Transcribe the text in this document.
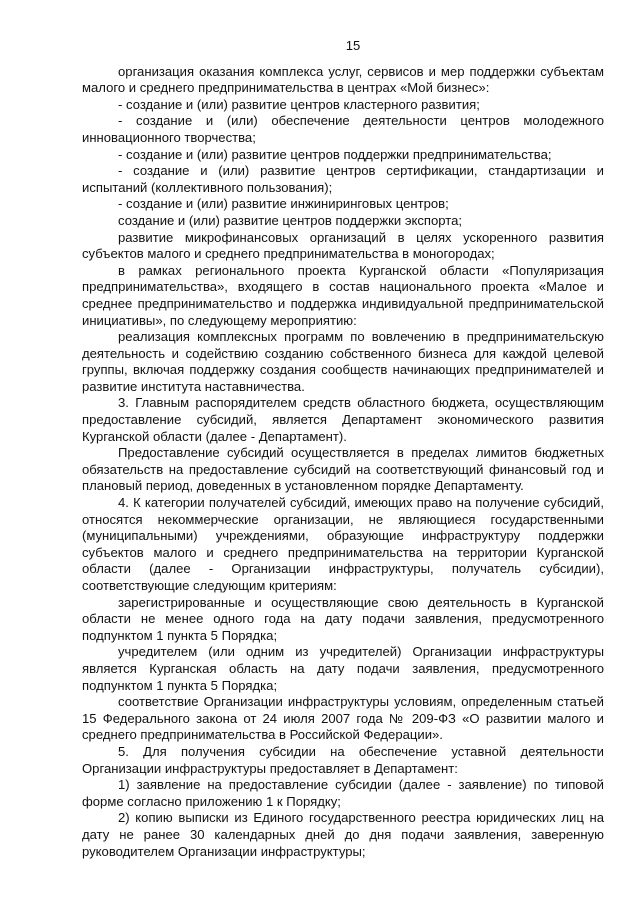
15

организация оказания комплекса услуг, сервисов и мер поддержки субъектам малого и среднего предпринимательства в центрах «Мой бизнес»:

- создание и (или) развитие центров кластерного развития;

- создание и (или) обеспечение деятельности центров молодежного инновационного творчества;

- создание и (или) развитие центров поддержки предпринимательства;

- создание и (или) развитие центров сертификации, стандартизации и испытаний (коллективного пользования);

- создание и (или) развитие инжиниринговых центров;

создание и (или) развитие центров поддержки экспорта;

развитие микрофинансовых организаций в целях ускоренного развития субъектов малого и среднего предпринимательства в моногородах;

в рамках регионального проекта Курганской области «Популяризация предпринимательства», входящего в состав национального проекта «Малое и среднее предпринимательство и поддержка индивидуальной предпринимательской инициативы», по следующему мероприятию:

реализация комплексных программ по вовлечению в предпринимательскую деятельность и содействию созданию собственного бизнеса для каждой целевой группы, включая поддержку создания сообществ начинающих предпринимателей и развитие института наставничества.

3. Главным распорядителем средств областного бюджета, осуществляющим предоставление субсидий, является Департамент экономического развития Курганской области (далее - Департамент).

Предоставление субсидий осуществляется в пределах лимитов бюджетных обязательств на предоставление субсидий на соответствующий финансовый год и плановый период, доведенных в установленном порядке Департаменту.

4. К категории получателей субсидий, имеющих право на получение субсидий, относятся некоммерческие организации, не являющиеся государственными (муниципальными) учреждениями, образующие инфраструктуру поддержки субъектов малого и среднего предпринимательства на территории Курганской области (далее - Организации инфраструктуры, получатель субсидии), соответствующие следующим критериям:

зарегистрированные и осуществляющие свою деятельность в Курганской области не менее одного года на дату подачи заявления, предусмотренного подпунктом 1 пункта 5 Порядка;

учредителем (или одним из учредителей) Организации инфраструктуры является Курганская область на дату подачи заявления, предусмотренного подпунктом 1 пункта 5 Порядка;

соответствие Организации инфраструктуры условиям, определенным статьей 15 Федерального закона от 24 июля 2007 года № 209-ФЗ «О развитии малого и среднего предпринимательства в Российской Федерации».

5. Для получения субсидии на обеспечение уставной деятельности Организации инфраструктуры предоставляет в Департамент:

1) заявление на предоставление субсидии (далее - заявление) по типовой форме согласно приложению 1 к Порядку;

2) копию выписки из Единого государственного реестра юридических лиц на дату не ранее 30 календарных дней до дня подачи заявления, заверенную руководителем Организации инфраструктуры;
